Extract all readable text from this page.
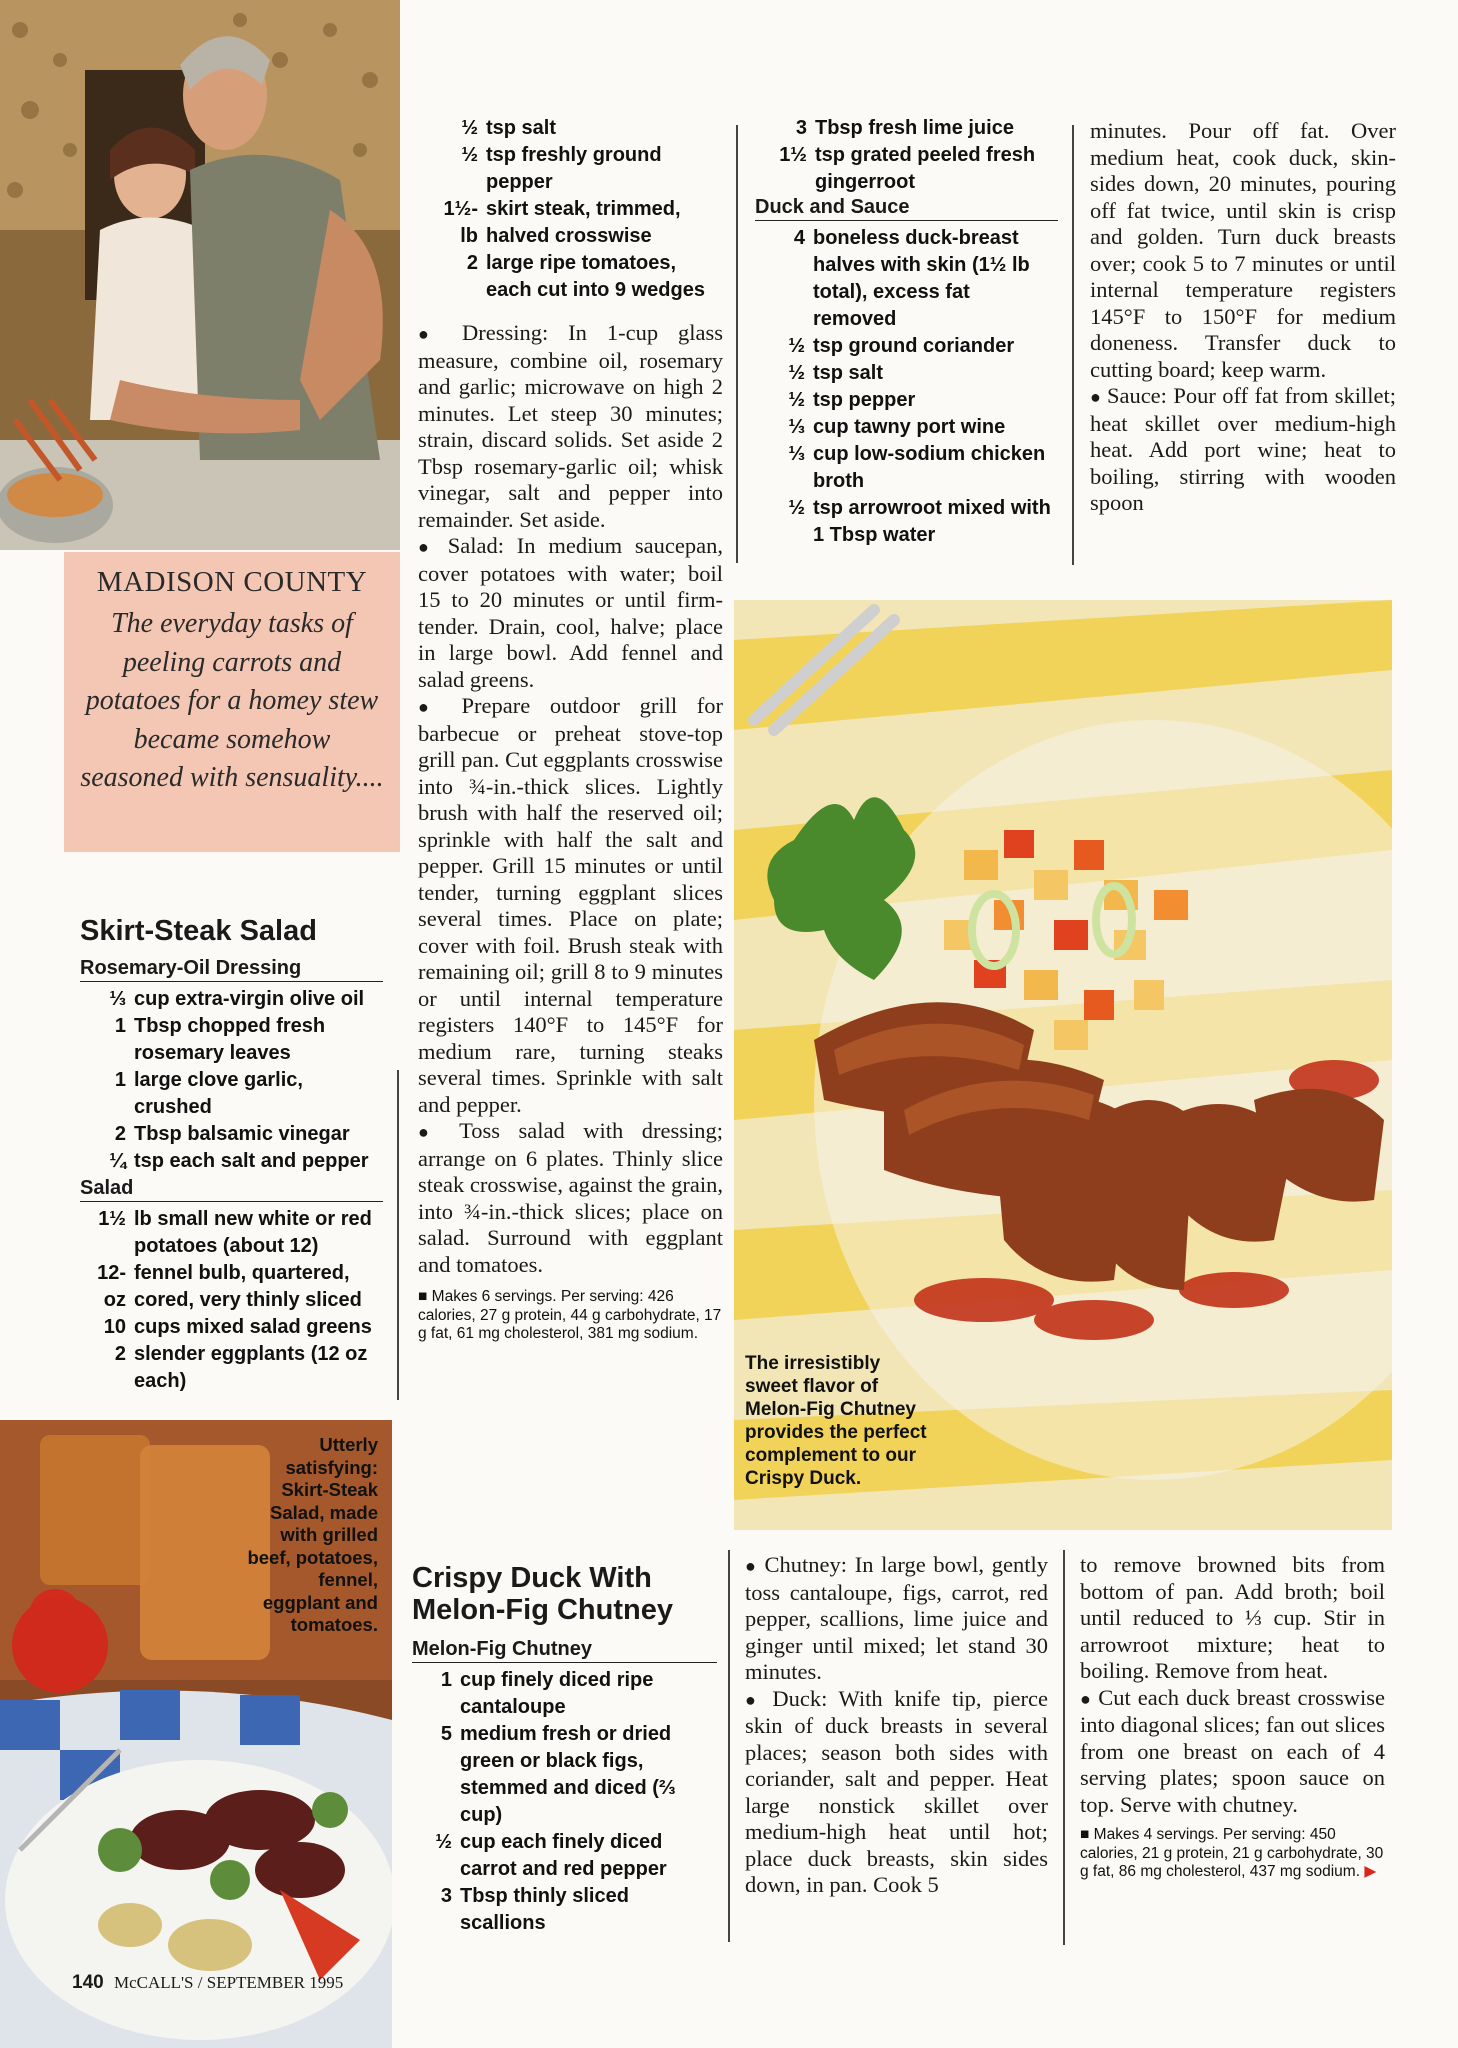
MADISON COUNTY
The everyday tasks of peeling carrots and potatoes for a homey stew became somehow seasoned with sensuality....
Skirt-Steak Salad
Rosemary-Oil Dressing
⅓ cup extra-virgin olive oil
1 Tbsp chopped fresh rosemary leaves
1 large clove garlic, crushed
2 Tbsp balsamic vinegar
¼ tsp each salt and pepper
Salad
1½ lb small new white or red potatoes (about 12)
12-oz
fennel bulb, quartered, cored, very thinly sliced
10 cups mixed salad greens
2 slender eggplants (12 oz each)
Utterly satisfying: Skirt-Steak Salad, made with grilled beef, potatoes, fennel, eggplant and tomatoes.
140 McCALL'S / SEPTEMBER 1995
½ tsp salt
½ tsp freshly ground pepper
1½-lb
skirt steak, trimmed, halved crosswise
2 large ripe tomatoes, each cut into 9 wedges

● Dressing: In 1-cup glass measure, combine oil, rosemary and garlic; microwave on high 2 minutes. Let steep 30 minutes; strain, discard solids. Set aside 2 Tbsp rosemary-garlic oil; whisk vinegar, salt and pepper into remainder. Set aside.

● Salad: In medium saucepan, cover potatoes with water; boil 15 to 20 minutes or until firm-tender. Drain, cool, halve; place in large bowl. Add fennel and salad greens.

● Prepare outdoor grill for barbecue or preheat stove-top grill pan. Cut eggplants crosswise into ¾-in.-thick slices. Lightly brush with half the reserved oil; sprinkle with half the salt and pepper. Grill 15 minutes or until tender, turning eggplant slices several times. Place on plate; cover with foil. Brush steak with remaining oil; grill 8 to 9 minutes or until internal temperature registers 140°F to 145°F for medium rare, turning steaks several times. Sprinkle with salt and pepper.

● Toss salad with dressing; arrange on 6 plates. Thinly slice steak crosswise, against the grain, into ¾-in.-thick slices; place on salad. Surround with eggplant and tomatoes.

■ Makes 6 servings. Per serving: 426 calories, 27 g protein, 44 g carbohydrate, 17 g fat, 61 mg cholesterol, 381 mg sodium.
Crispy Duck With Melon-Fig Chutney
Melon-Fig Chutney
1 cup finely diced ripe cantaloupe
5 medium fresh or dried green or black figs, stemmed and diced (⅔ cup)
½ cup each finely diced carrot and red pepper
3 Tbsp thinly sliced scallions
3 Tbsp fresh lime juice
1½ tsp grated peeled fresh gingerroot
Duck and Sauce
4 boneless duck-breast halves with skin (1½ lb total), excess fat removed
½ tsp ground coriander
½ tsp salt
½ tsp pepper
⅓ cup tawny port wine
⅓ cup low-sodium chicken broth
½ tsp arrowroot mixed with 1 Tbsp water

minutes. Pour off fat. Over medium heat, cook duck, skin-sides down, 20 minutes, pouring off fat twice, until skin is crisp and golden. Turn duck breasts over; cook 5 to 7 minutes or until internal temperature registers 145°F to 150°F for medium doneness. Transfer duck to cutting board; keep warm.

● Sauce: Pour off fat from skillet; heat skillet over medium-high heat. Add port wine; heat to boiling, stirring with wooden spoon

The irresistibly sweet flavor of Melon-Fig Chutney provides the perfect complement to our Crispy Duck.

● Chutney: In large bowl, gently toss cantaloupe, figs, carrot, red pepper, scallions, lime juice and ginger until mixed; let stand 30 minutes.

● Duck: With knife tip, pierce skin of duck breasts in several places; season both sides with coriander, salt and pepper. Heat large nonstick skillet over medium-high heat until hot; place duck breasts, skin sides down, in pan. Cook 5

to remove browned bits from bottom of pan. Add broth; boil until reduced to ⅓ cup. Stir in arrowroot mixture; heat to boiling. Remove from heat.

● Cut each duck breast crosswise into diagonal slices; fan out slices from one breast on each of 4 serving plates; spoon sauce on top. Serve with chutney.

■ Makes 4 servings. Per serving: 450 calories, 21 g protein, 21 g carbohydrate, 30 g fat, 86 mg cholesterol, 437 mg sodium. ▶
